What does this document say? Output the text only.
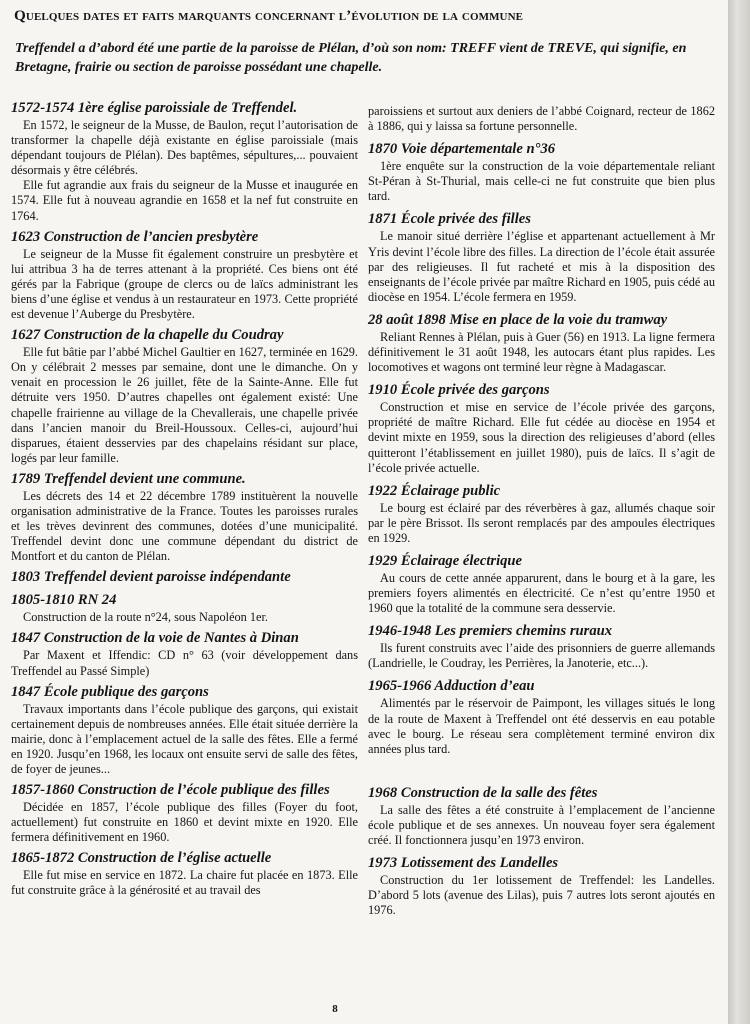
Quelques dates et faits marquants concernant l’évolution de la commune
Treffendel a d’abord été une partie de la paroisse de Plélan, d’où son nom: TREFF vient de TREVE, qui signifie, en Bretagne, frairie ou section de paroisse possédant une chapelle.
1572-1574 1ère église paroissiale de Treffendel.

En 1572, le seigneur de la Musse, de Baulon, reçut l’autorisation de transformer la chapelle déjà existante en église paroissiale (mais dépendant toujours de Plélan). Des baptêmes, sépultures,... pouvaient désormais y être célébrés.

Elle fut agrandie aux frais du seigneur de la Musse et inaugurée en 1574. Elle fut à nouveau agrandie en 1658 et la nef fut construite en 1764.

1623 Construction de l’ancien presbytère

Le seigneur de la Musse fit également construire un presbytère et lui attribua 3 ha de terres attenant à la propriété. Ces biens ont été gérés par la Fabrique (groupe de clercs ou de laïcs administrant les biens d’une église et vendus à un restaurateur en 1973. Cette propriété est devenue l’Auberge du Presbytère.

1627 Construction de la chapelle du Coudray

Elle fut bâtie par l’abbé Michel Gaultier en 1627, terminée en 1629. On y célébrait 2 messes par semaine, dont une le dimanche. On y venait en procession le 26 juillet, fête de la Sainte-Anne. Elle fut détruite vers 1950. D’autres chapelles ont également existé: Une chapelle frairienne au village de la Chevallerais, une chapelle privée dans l’ancien manoir du Breil-Houssoux. Celles-ci, aujourd’hui disparues, étaient desservies par des chapelains résidant sur place, logés par leur famille.

1789 Treffendel devient une commune.

Les décrets des 14 et 22 décembre 1789 instituèrent la nouvelle organisation administrative de la France. Toutes les paroisses rurales et les trèves devinrent des communes, dotées d’une municipalité. Treffendel devint donc une commune dépendant du district de Montfort et du canton de Plélan.

1803 Treffendel devient paroisse indépendante
1805-1810 RN 24

Construction de la route n°24, sous Napoléon 1er.

1847 Construction de la voie de Nantes à Dinan

Par Maxent et Iffendic: CD n° 63 (voir développement dans Treffendel au Passé Simple)

1847 École publique des garçons

Travaux importants dans l’école publique des garçons, qui existait certainement depuis de nombreuses années. Elle était située derrière la mairie, donc à l’emplacement actuel de la salle des fêtes. Elle a fermé en 1920. Jusqu’en 1968, les locaux ont ensuite servi de salle des fêtes, de foyer de jeunes...

1857-1860 Construction de l’école publique des filles

Décidée en 1857, l’école publique des filles (Foyer du foot, actuellement) fut construite en 1860 et devint mixte en 1920. Elle fermera définitivement en 1960.

1865-1872 Construction de l’église actuelle

Elle fut mise en service en 1872. La chaire fut placée en 1873. Elle fut construite grâce à la générosité et au travail des

paroissiens et surtout aux deniers de l’abbé Coignard, recteur de 1862 à 1886, qui y laissa sa fortune personnelle.

1870 Voie départementale n°36

1ère enquête sur la construction de la voie départementale reliant St-Péran à St-Thurial, mais celle-ci ne fut construite que bien plus tard.

1871 École privée des filles

Le manoir situé derrière l’église et appartenant actuellement à Mr Yris devint l’école libre des filles. La direction de l’école était assurée par des religieuses. Il fut racheté et mis à la disposition des enseignants de l’école privée par maître Richard en 1905, puis cédé au diocèse en 1954. L’école fermera en 1959.

28 août 1898 Mise en place de la voie du tramway

Reliant Rennes à Plélan, puis à Guer (56) en 1913. La ligne fermera définitivement le 31 août 1948, les autocars étant plus rapides. Les locomotives et wagons ont terminé leur règne à Madagascar.

1910 École privée des garçons

Construction et mise en service de l’école privée des garçons, propriété de maître Richard. Elle fut cédée au diocèse en 1954 et devint mixte en 1959, sous la direction des religieuses d’abord (elles quitteront l’établissement en juillet 1980), puis de laïcs. Il s’agit de l’école privée actuelle.

1922 Éclairage public

Le bourg est éclairé par des réverbères à gaz, allumés chaque soir par le père Brissot. Ils seront remplacés par des ampoules électriques en 1929.

1929 Éclairage électrique

Au cours de cette année apparurent, dans le bourg et à la gare, les premiers foyers alimentés en électricité. Ce n’est qu’entre 1950 et 1960 que la totalité de la commune sera desservie.

1946-1948 Les premiers chemins ruraux

Ils furent construits avec l’aide des prisonniers de guerre allemands (Landrielle, le Coudray, les Perrières, la Janoterie, etc...).

1965-1966 Adduction d’eau

Alimentés par le réservoir de Paimpont, les villages situés le long de la route de Maxent à Treffendel ont été desservis en eau potable avec le bourg. Le réseau sera complètement terminé environ dix années plus tard.

1968 Construction de la salle des fêtes

La salle des fêtes a été construite à l’emplacement de l’ancienne école publique et de ses annexes. Un nouveau foyer sera également créé. Il fonctionnera jusqu’en 1973 environ.

1973 Lotissement des Landelles

Construction du 1er lotissement de Treffendel: les Landelles. D’abord 5 lots (avenue des Lilas), puis 7 autres lots seront ajoutés en 1976.

8
